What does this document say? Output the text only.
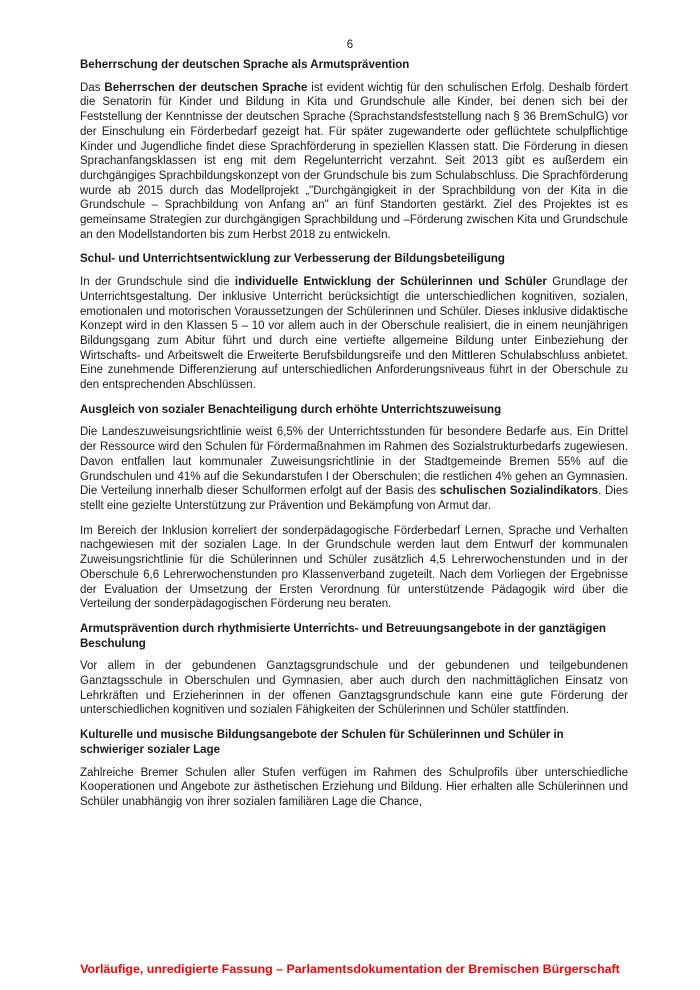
6
Beherrschung der deutschen Sprache als Armutsprävention

Das Beherrschen der deutschen Sprache ist evident wichtig für den schulischen Erfolg. Deshalb fördert die Senatorin für Kinder und Bildung in Kita und Grundschule alle Kinder, bei denen sich bei der Feststellung der Kenntnisse der deutschen Sprache (Sprachstandsfeststellung nach § 36 BremSchulG) vor der Einschulung ein Förderbedarf gezeigt hat. Für später zugewanderte oder geflüchtete schulpflichtige Kinder und Jugendliche findet diese Sprachförderung in speziellen Klassen statt. Die Förderung in diesen Sprachanfangsklassen ist eng mit dem Regelunterricht verzahnt. Seit 2013 gibt es außerdem ein durchgängiges Sprachbildungskonzept von der Grundschule bis zum Schulabschluss. Die Sprachförderung wurde ab 2015 durch das Modellprojekt „"Durchgängigkeit in der Sprachbildung von der Kita in die Grundschule – Sprachbildung von Anfang an" an fünf Standorten gestärkt. Ziel des Projektes ist es gemeinsame Strategien zur durchgängigen Sprachbildung und –Förderung zwischen Kita und Grundschule an den Modellstandorten bis zum Herbst 2018 zu entwickeln.

Schul- und Unterrichtsentwicklung zur Verbesserung der Bildungsbeteiligung

In der Grundschule sind die individuelle Entwicklung der Schülerinnen und Schüler Grundlage der Unterrichtsgestaltung. Der inklusive Unterricht berücksichtigt die unterschiedlichen kognitiven, sozialen, emotionalen und motorischen Voraussetzungen der Schülerinnen und Schüler. Dieses inklusive didaktische Konzept wird in den Klassen 5 – 10 vor allem auch in der Oberschule realisiert, die in einem neunjährigen Bildungsgang zum Abitur führt und durch eine vertiefte allgemeine Bildung unter Einbeziehung der Wirtschafts- und Arbeitswelt die Erweiterte Berufsbildungsreife und den Mittleren Schulabschluss anbietet. Eine zunehmende Differenzierung auf unterschiedlichen Anforderungsniveaus führt in der Oberschule zu den entsprechenden Abschlüssen.

Ausgleich von sozialer Benachteiligung durch erhöhte Unterrichtszuweisung

Die Landeszuweisungsrichtlinie weist 6,5% der Unterrichtsstunden für besondere Bedarfe aus. Ein Drittel der Ressource wird den Schulen für Fördermaßnahmen im Rahmen des Sozialstrukturbedarfs zugewiesen. Davon entfallen laut kommunaler Zuweisungsrichtlinie in der Stadtgemeinde Bremen 55% auf die Grundschulen und 41% auf die Sekundarstufen I der Oberschulen; die restlichen 4% gehen an Gymnasien. Die Verteilung innerhalb dieser Schulformen erfolgt auf der Basis des schulischen Sozialindikators. Dies stellt eine gezielte Unterstützung zur Prävention und Bekämpfung von Armut dar.

Im Bereich der Inklusion korreliert der sonderpädagogische Förderbedarf Lernen, Sprache und Verhalten nachgewiesen mit der sozialen Lage. In der Grundschule werden laut dem Entwurf der kommunalen Zuweisungsrichtlinie für die Schülerinnen und Schüler zusätzlich 4,5 Lehrerwochenstunden und in der Oberschule 6,6 Lehrerwochenstunden pro Klassenverband zugeteilt. Nach dem Vorliegen der Ergebnisse der Evaluation der Umsetzung der Ersten Verordnung für unterstützende Pädagogik wird über die Verteilung der sonderpädagogischen Förderung neu beraten.

Armutsprävention durch rhythmisierte Unterrichts- und Betreuungsangebote in der ganztägigen Beschulung

Vor allem in der gebundenen Ganztagsgrundschule und der gebundenen und teilgebundenen Ganztagsschule in Oberschulen und Gymnasien, aber auch durch den nachmittäglichen Einsatz von Lehrkräften und Erzieherinnen in der offenen Ganztagsgrundschule kann eine gute Förderung der unterschiedlichen kognitiven und sozialen Fähigkeiten der Schülerinnen und Schüler stattfinden.

Kulturelle und musische Bildungsangebote der Schulen für Schülerinnen und Schüler in schwieriger sozialer Lage

Zahlreiche Bremer Schulen aller Stufen verfügen im Rahmen des Schulprofils über unterschiedliche Kooperationen und Angebote zur ästhetischen Erziehung und Bildung. Hier erhalten alle Schülerinnen und Schüler unabhängig von ihrer sozialen familiären Lage die Chance,

Vorläufige, unredigierte Fassung – Parlamentsdokumentation der Bremischen Bürgerschaft
